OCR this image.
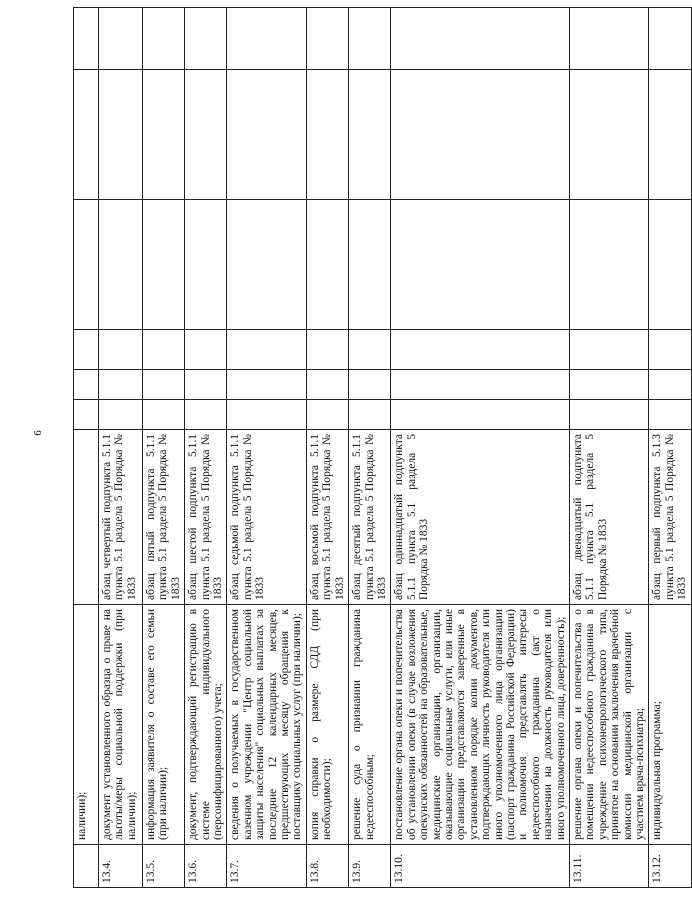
6
	наличии);							
13.4.	документ установленного образца о праве на льготы/меры социальной поддержки (при наличии);	абзац четвертый подпункта 5.1.1 пункта 5.1 раздела 5 Порядка № 1833						
13.5.	информация заявителя о составе его семьи (при наличии);	абзац пятый подпункта 5.1.1 пункта 5.1 раздела 5 Порядка № 1833						
13.6.	документ, подтверждающий регистрацию в системе индивидуального (персонифицированного) учета;	абзац шестой подпункта 5.1.1 пункта 5.1 раздела 5 Порядка № 1833						
13.7.	сведения о получаемых в государственном казенном учреждении "Центр социальной защиты населения" социальных выплатах за последние 12 календарных месяцев, предшествующих месяцу обращения к поставщику социальных услуг (при наличии);	абзац седьмой подпункта 5.1.1 пункта 5.1 раздела 5 Порядка № 1833						
13.8.	копия справки о размере СДД (при необходимости);	абзац восьмой подпункта 5.1.1 пункта 5.1 раздела 5 Порядка № 1833						
13.9.	решение суда о признании гражданина недееспособным;	абзац десятый подпункта 5.1.1 пункта 5.1 раздела 5 Порядка № 1833						
13.10.	постановление органа опеки и попечительства об установлении опеки (в случае возложения опекунских обязанностей на образовательные, медицинские организации, организации, оказывающие социальные услуги, или иные организации представляются заверенные в установленном порядке копии документов, подтверждающих личность руководителя или иного уполномоченного лица организации (паспорт гражданина Российской Федерации) и полномочия представлять интересы недееспособного гражданина (акт о назначении на должность руководителя или иного уполномоченного лица, доверенность);	абзац одиннадцатый подпункта 5.1.1 пункта 5.1 раздела 5 Порядка № 1833						
13.11.	решение органа опеки и попечительства о помещении недееспособного гражданина в учреждение психоневрологического типа, принятое на основании заключения врачебной комиссии медицинской организации с участием врача-психиатра;	абзац двенадцатый подпункта 5.1.1 пункта 5.1 раздела 5 Порядка № 1833						
13.12.	индивидуальная программа;	абзац первый подпункта 5.1.3 пункта 5.1 раздела 5 Порядка № 1833						
